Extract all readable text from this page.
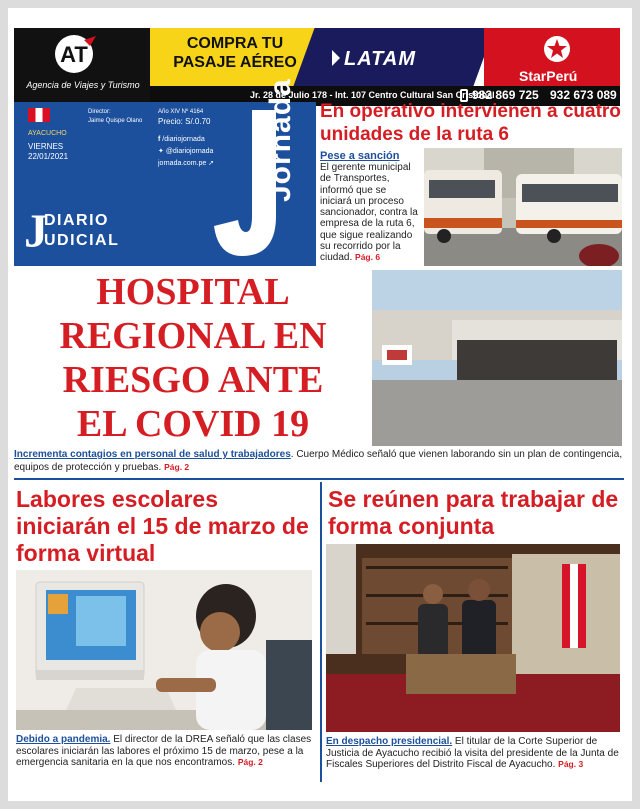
AT
Agencia de Viajes y Turismo
COMPRA TU
PASAJE AÉREO	LATAM
StarPerú
Jr. 28 de Julio 178 - Int. 107 Centro Cultural San Cristóbal
982 869 725 932 673 089
AYACUCHO
VIERNES
22/01/2021
Director:
Jaime Quispe Olano
Año XIV Nº 4164
Precio: S/.0.70
f /diariojornada
✦ @diariojornada
jornada.com.pe ➚ Jornada
J
DIARIO
UDICIAL
En operativo intervienen a cuatro unidades de la ruta 6
Pese a sanción
El gerente municipal de Transportes, informó que se iniciará un proceso sancionador, contra la empresa de la ruta 6, que sigue realizando su recorrido por la ciudad. Pág. 6
HOSPITAL
REGIONAL EN
RIESGO ANTE
EL COVID 19
Incrementa contagios en personal de salud y trabajadores. Cuerpo Médico señaló que vienen laborando sin un plan de contingencia, equipos de protección y pruebas. Pág. 2
Labores escolares iniciarán el 15 de marzo de forma virtual
Debido a pandemia. El director de la DREA señaló que las clases escolares iniciarán las labores el próximo 15 de marzo, pese a la emergencia sanitaria en la que nos encontramos. Pág. 2
Se reúnen para trabajar de forma conjunta
En despacho presidencial. El titular de la Corte Superior de Justicia de Ayacucho recibió la visita del presidente de la Junta de Fiscales Superiores del Distrito Fiscal de Ayacucho. Pág. 3
